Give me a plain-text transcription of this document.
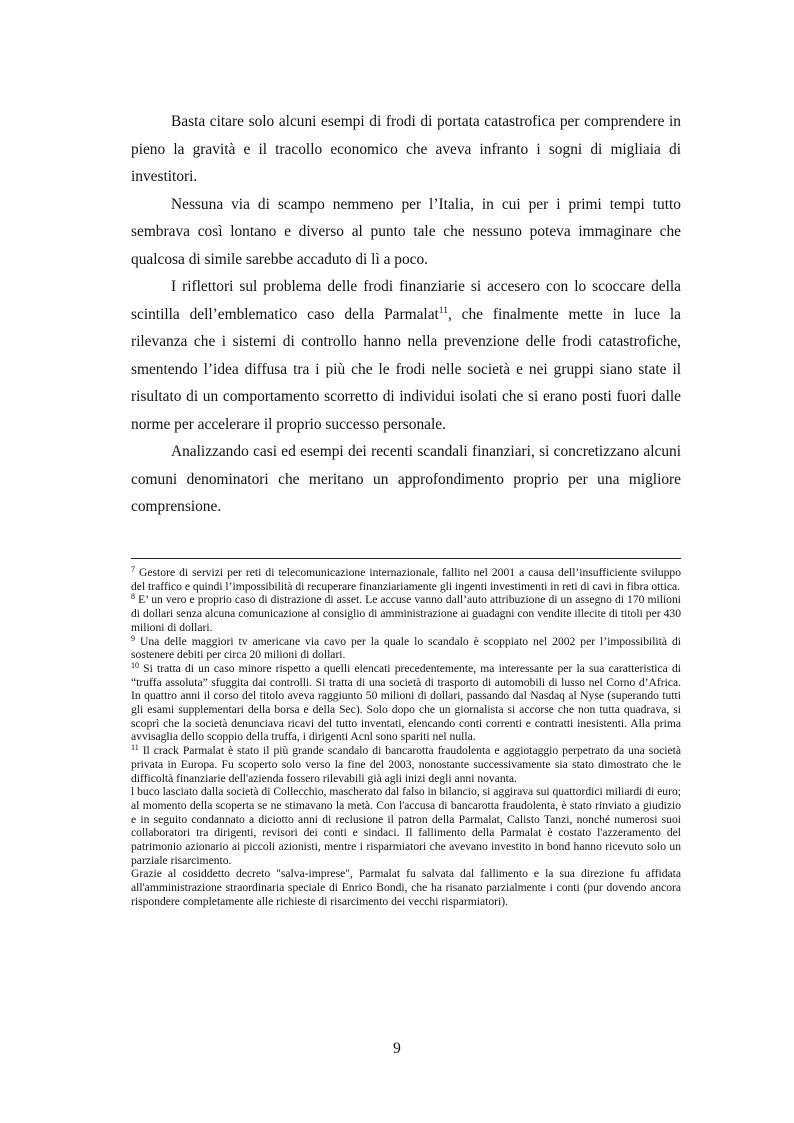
Basta citare solo alcuni esempi di frodi di portata catastrofica per comprendere in pieno la gravità e il tracollo economico che aveva infranto i sogni di migliaia di investitori.

Nessuna via di scampo nemmeno per l’Italia, in cui per i primi tempi tutto sembrava così lontano e diverso al punto tale che nessuno poteva immaginare che qualcosa di simile sarebbe accaduto di lì a poco.

I riflettori sul problema delle frodi finanziarie si accesero con lo scoccare della scintilla dell’emblematico caso della Parmalat$^{11}$, che finalmente mette in luce la rilevanza che i sistemi di controllo hanno nella prevenzione delle frodi catastrofiche, smentendo l’idea diffusa tra i più che le frodi nelle società e nei gruppi siano state il risultato di un comportamento scorretto di individui isolati che si erano posti fuori dalle norme per accelerare il proprio successo personale.

Analizzando casi ed esempi dei recenti scandali finanziari, si concretizzano alcuni comuni denominatori che meritano un approfondimento proprio per una migliore comprensione.

$^7$ Gestore di servizi per reti di telecomunicazione internazionale, fallito nel 2001 a causa dell’insufficiente sviluppo del traffico e quindi l’impossibilità di recuperare finanziariamente gli ingenti investimenti in reti di cavi in fibra ottica.

$^8$ E’ un vero e proprio caso di distrazione di asset. Le accuse vanno dall’auto attribuzione di un assegno di 170 milioni di dollari senza alcuna comunicazione al consiglio di amministrazione ai guadagni con vendite illecite di titoli per 430 milioni di dollari.

$^9$ Una delle maggiori tv americane via cavo per la quale lo scandalo è scoppiato nel 2002 per l’impossibilità di sostenere debiti per circa 20 milioni di dollari.

$^{10}$ Si tratta di un caso minore rispetto a quelli elencati precedentemente, ma interessante per la sua caratteristica di “truffa assoluta” sfuggita dai controlli. Si tratta di una società di trasporto di automobili di lusso nel Corno d’Africa. In quattro anni il corso del titolo aveva raggiunto 50 milioni di dollari, passando dal Nasdaq al Nyse (superando tutti gli esami supplementari della borsa e della Sec). Solo dopo che un giornalista si accorse che non tutta quadrava, si scoprì che la società denunciava ricavi del tutto inventati, elencando conti correnti e contratti inesistenti. Alla prima avvisaglia dello scoppio della truffa, i dirigenti Acnl sono spariti nel nulla.

$^{11}$ Il crack Parmalat è stato il più grande scandalo di bancarotta fraudolenta e aggiotaggio perpetrato da una società privata in Europa. Fu scoperto solo verso la fine del 2003, nonostante successivamente sia stato dimostrato che le difficoltà finanziarie dell'azienda fossero rilevabili già agli inizi degli anni novanta.

l buco lasciato dalla società di Collecchio, mascherato dal falso in bilancio, si aggirava sui quattordici miliardi di euro; al momento della scoperta se ne stimavano la metà. Con l'accusa di bancarotta fraudolenta, è stato rinviato a giudizio e in seguito condannato a diciotto anni di reclusione il patron della Parmalat, Calisto Tanzi, nonché numerosi suoi collaboratori tra dirigenti, revisori dei conti e sindaci. Il fallimento della Parmalat è costato l'azzeramento del patrimonio azionario ai piccoli azionisti, mentre i risparmiatori che avevano investito in bond hanno ricevuto solo un parziale risarcimento.

Grazie al cosiddetto decreto "salva-imprese", Parmalat fu salvata dal fallimento e la sua direzione fu affidata all'amministrazione straordinaria speciale di Enrico Bondi, che ha risanato parzialmente i conti (pur dovendo ancora rispondere completamente alle richieste di risarcimento dei vecchi risparmiatori).

9
